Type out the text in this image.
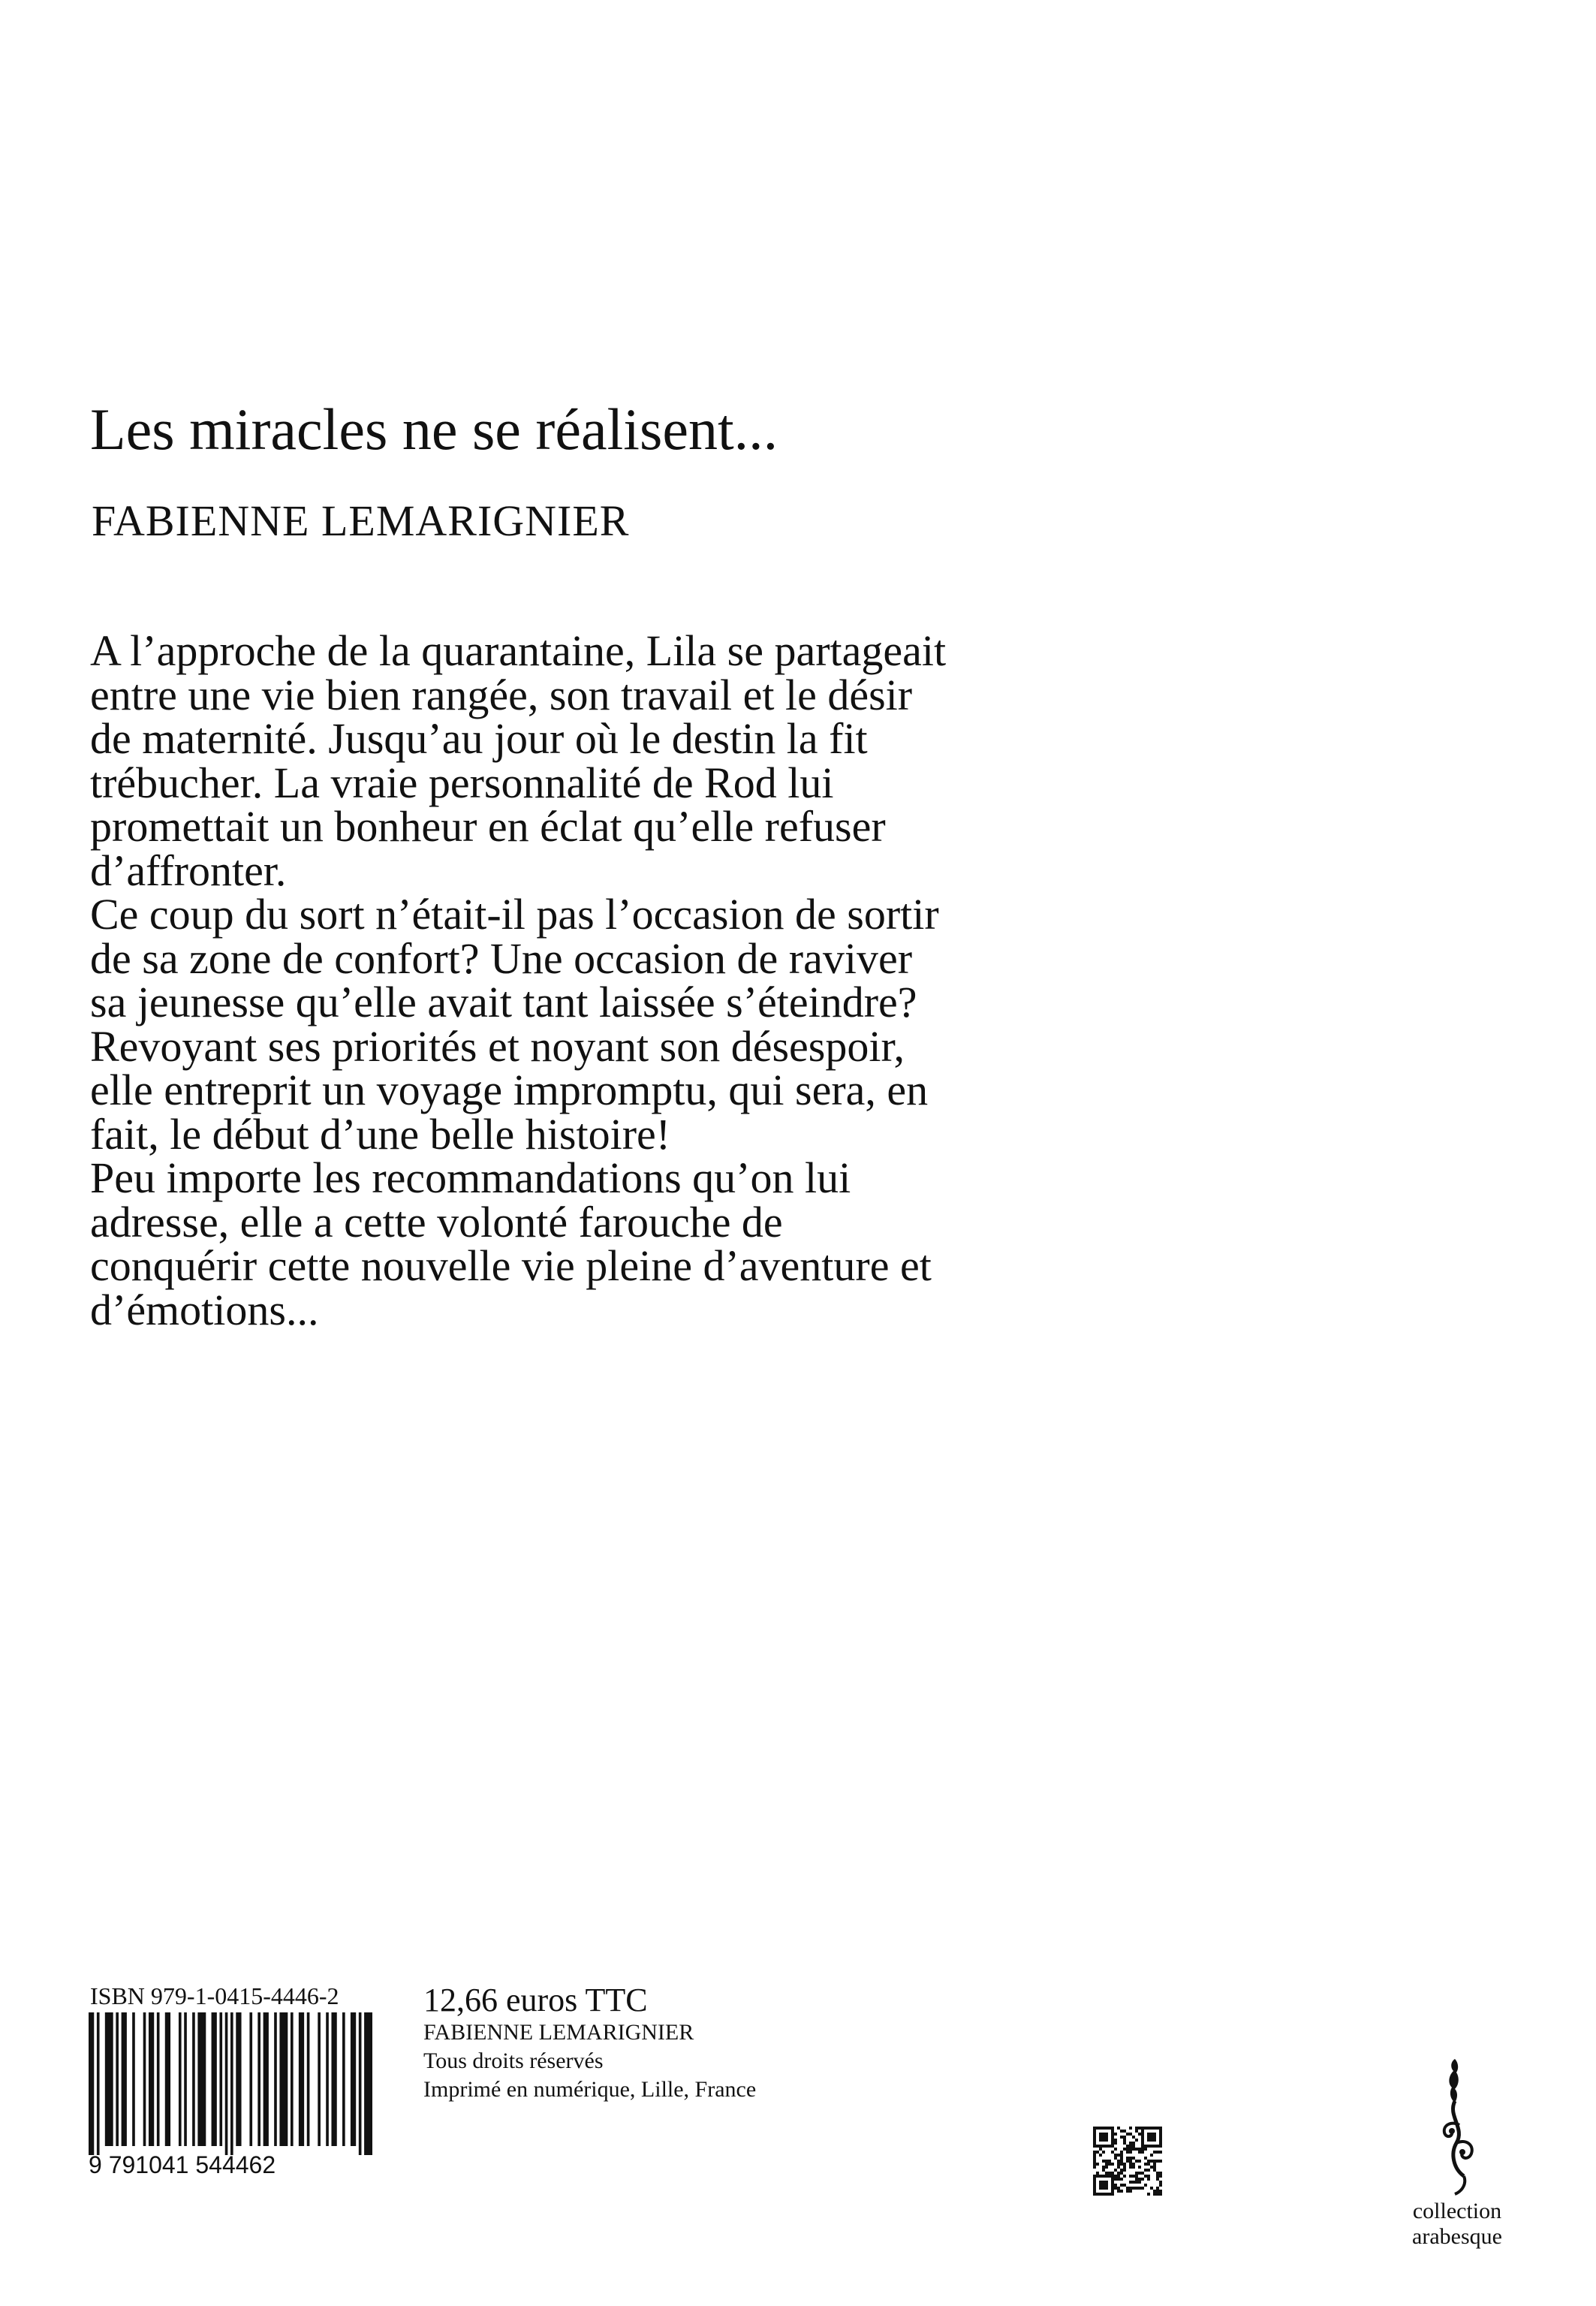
Les miracles ne se réalisent...
FABIENNE LEMARIGNIER
A l’approche de la quarantaine, Lila se partageait
entre une vie bien rangée, son travail et le désir
de maternité. Jusqu’au jour où le destin la fit
trébucher. La vraie personnalité de Rod lui
promettait un bonheur en éclat qu’elle refuser
d’affronter.
Ce coup du sort n’était-il pas l’occasion de sortir
de sa zone de confort? Une occasion de raviver
sa jeunesse qu’elle avait tant laissée s’éteindre?
Revoyant ses priorités et noyant son désespoir,
elle entreprit un voyage impromptu, qui sera, en
fait, le début d’une belle histoire!
Peu importe les recommandations qu’on lui
adresse, elle a cette volonté farouche de
conquérir cette nouvelle vie pleine d’aventure et
d’émotions...
ISBN 979-1-0415-4446-2
9 791041 544462
12,66 euros TTC
FABIENNE LEMARIGNIER
Tous droits réservés
Imprimé en numérique, Lille, France
collection
arabesque
